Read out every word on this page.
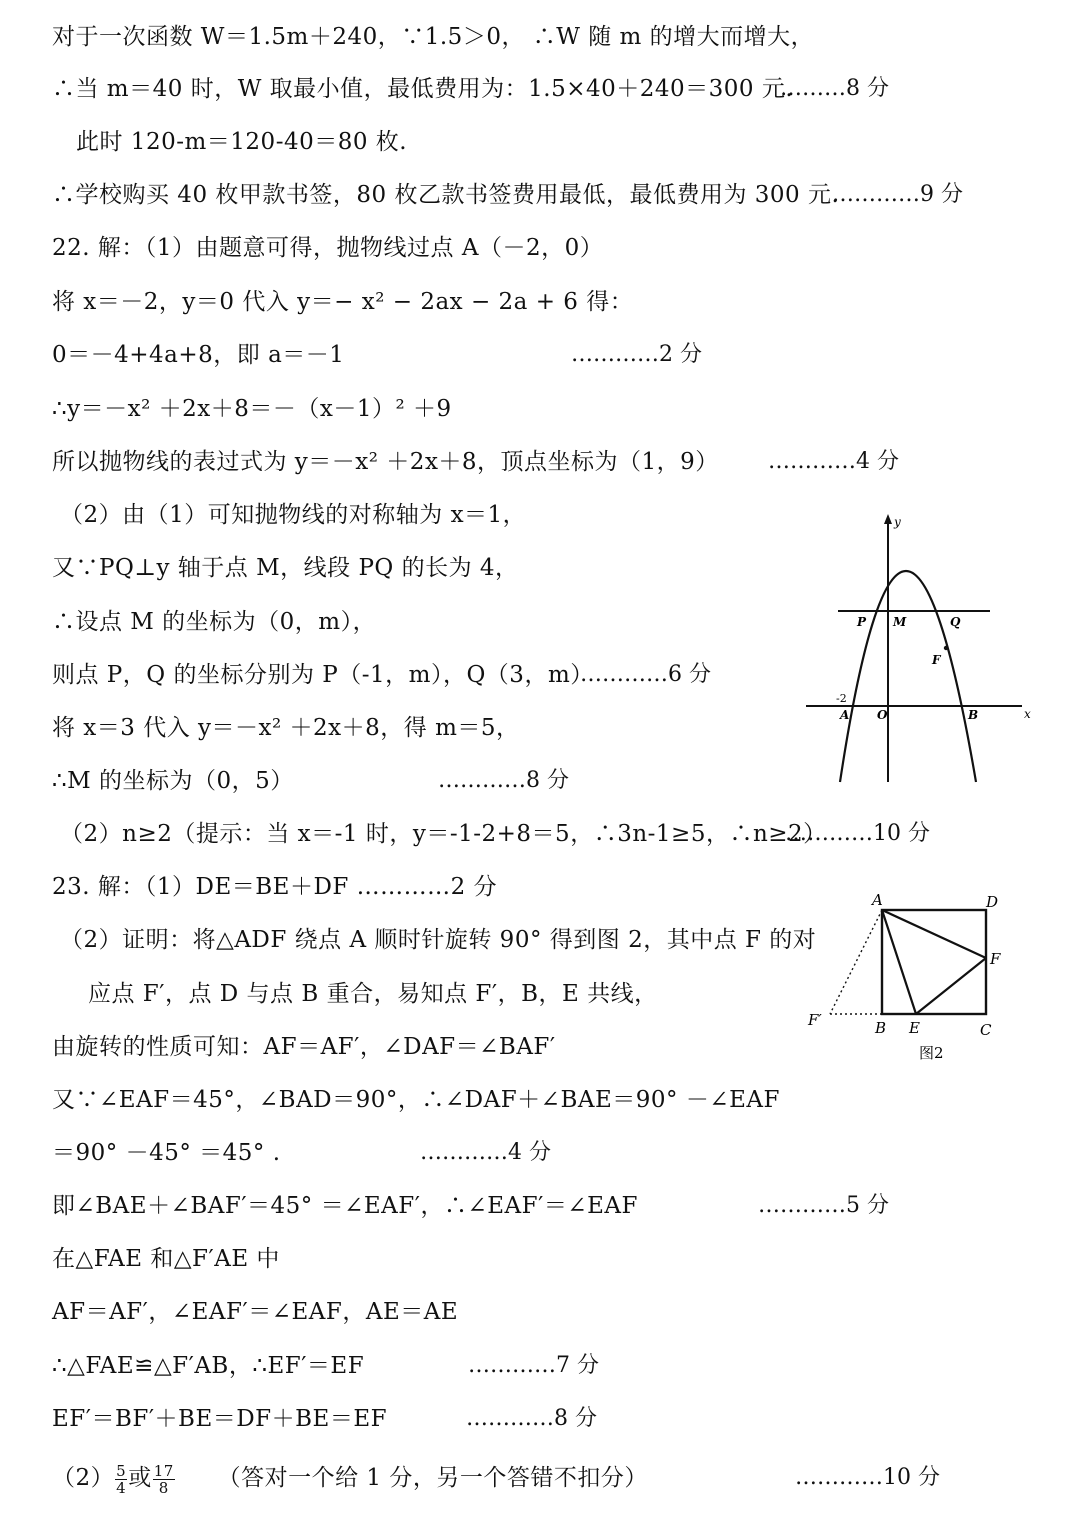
对于一次函数 W＝1.5m＋240，∵1.5＞0， ∴W 随 m 的增大而增大，
∴当 m＝40 时，W 取最小值，最低费用为：1.5×40＋240＝300 元.
………8 分
此时 120-m＝120-40＝80 枚.
∴学校购买 40 枚甲款书签，80 枚乙款书签费用最低，最低费用为 300 元.
…………9 分
22. 解：（1）由题意可得，抛物线过点 A（－2，0）
将 x＝－2，y＝0 代入 y＝− x² − 2ax − 2a + 6 得：
0＝－4+4a+8，即 a＝－1	…………2 分
∴y＝－x² ＋2x＋8＝－（x－1）² ＋9
所以抛物线的表过式为 y＝－x² ＋2x＋8，顶点坐标为（1，9） …………4 分
（2）由（1）可知抛物线的对称轴为 x＝1，
又∵PQ⊥y 轴于点 M，线段 PQ 的长为 4，
∴设点 M 的坐标为（0，m），
则点 P，Q 的坐标分别为 P（-1，m），Q（3，m）
…………6 分
将 x＝3 代入 y＝－x² ＋2x＋8，得 m＝5，
∴M 的坐标为（0，5）	…………8 分
（2）n≥2（提示：当 x＝-1 时，y＝-1-2+8＝5，∴3n-1≥5，∴n≥2）
…………10 分
23. 解：（1）DE＝BE＋DF …………2 分
（2）证明：将△ADF 绕点 A 顺时针旋转 90° 得到图 2，其中点 F 的对
应点 F′，点 D 与点 B 重合，易知点 F′，B，E 共线，
由旋转的性质可知：AF＝AF′，∠DAF＝∠BAF′
又∵∠EAF＝45°，∠BAD＝90°，∴∠DAF＋∠BAE＝90° －∠EAF
＝90° －45° ＝45° .	…………4 分
即∠BAE＋∠BAF′＝45° ＝∠EAF′，∴∠EAF′＝∠EAF	…………5 分
在△FAE 和△F′AE 中
AF＝AF′，∠EAF′＝∠EAF，AE＝AE
∴△FAE≌△F′AB，∴EF′＝EF	…………7 分
EF′＝BF′＋BE＝DF＋BE＝EF	…………8 分
$(2) \frac{5}{4}$ 或 $\frac{17}{8}$ （答对一个给 1 分，另一个答错不扣分）	…………10 分
y
x
P M	Q
F
-2
A O	B
A	D
F
F′	B E	C
图2
